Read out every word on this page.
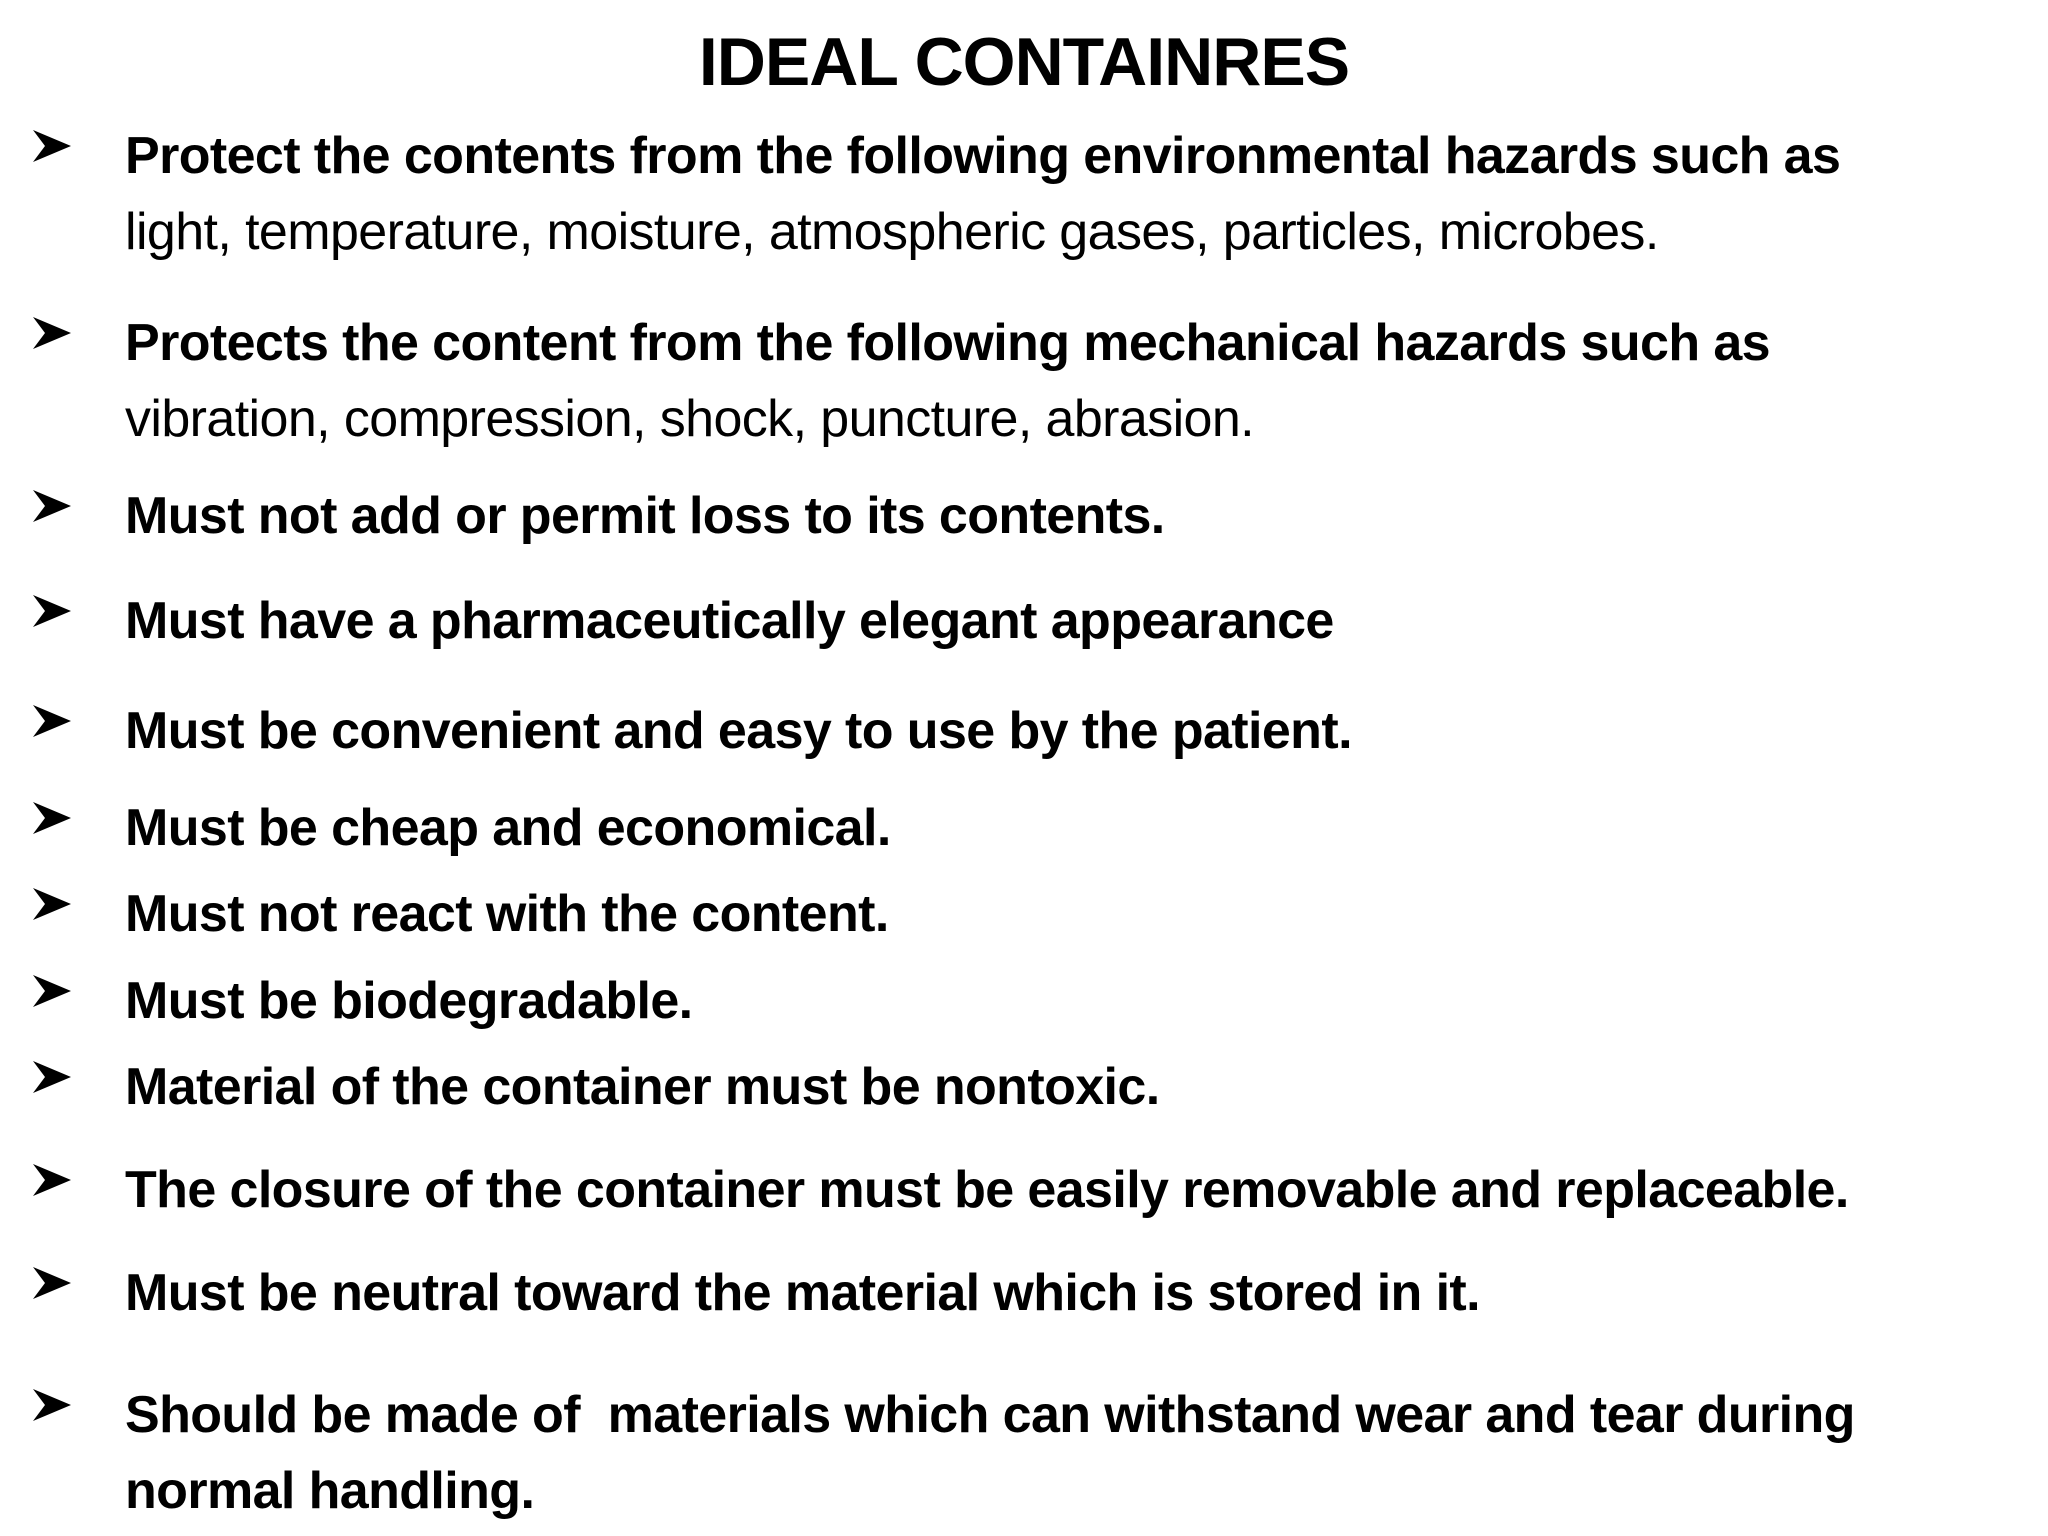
IDEAL CONTAINRES
Protect the contents from the following environmental hazards such as
light, temperature, moisture, atmospheric gases, particles, microbes.
Protects the content from the following mechanical hazards such as
vibration, compression, shock, puncture, abrasion.
Must not add or permit loss to its contents.
Must have a pharmaceutically elegant appearance
Must be convenient and easy to use by the patient.
Must be cheap and economical.
Must not react with the content.
Must be biodegradable.
Material of the container must be nontoxic.
The closure of the container must be easily removable and replaceable.
Must be neutral toward the material which is stored in it.
Should be made of  materials which can withstand wear and tear during
normal handling.
